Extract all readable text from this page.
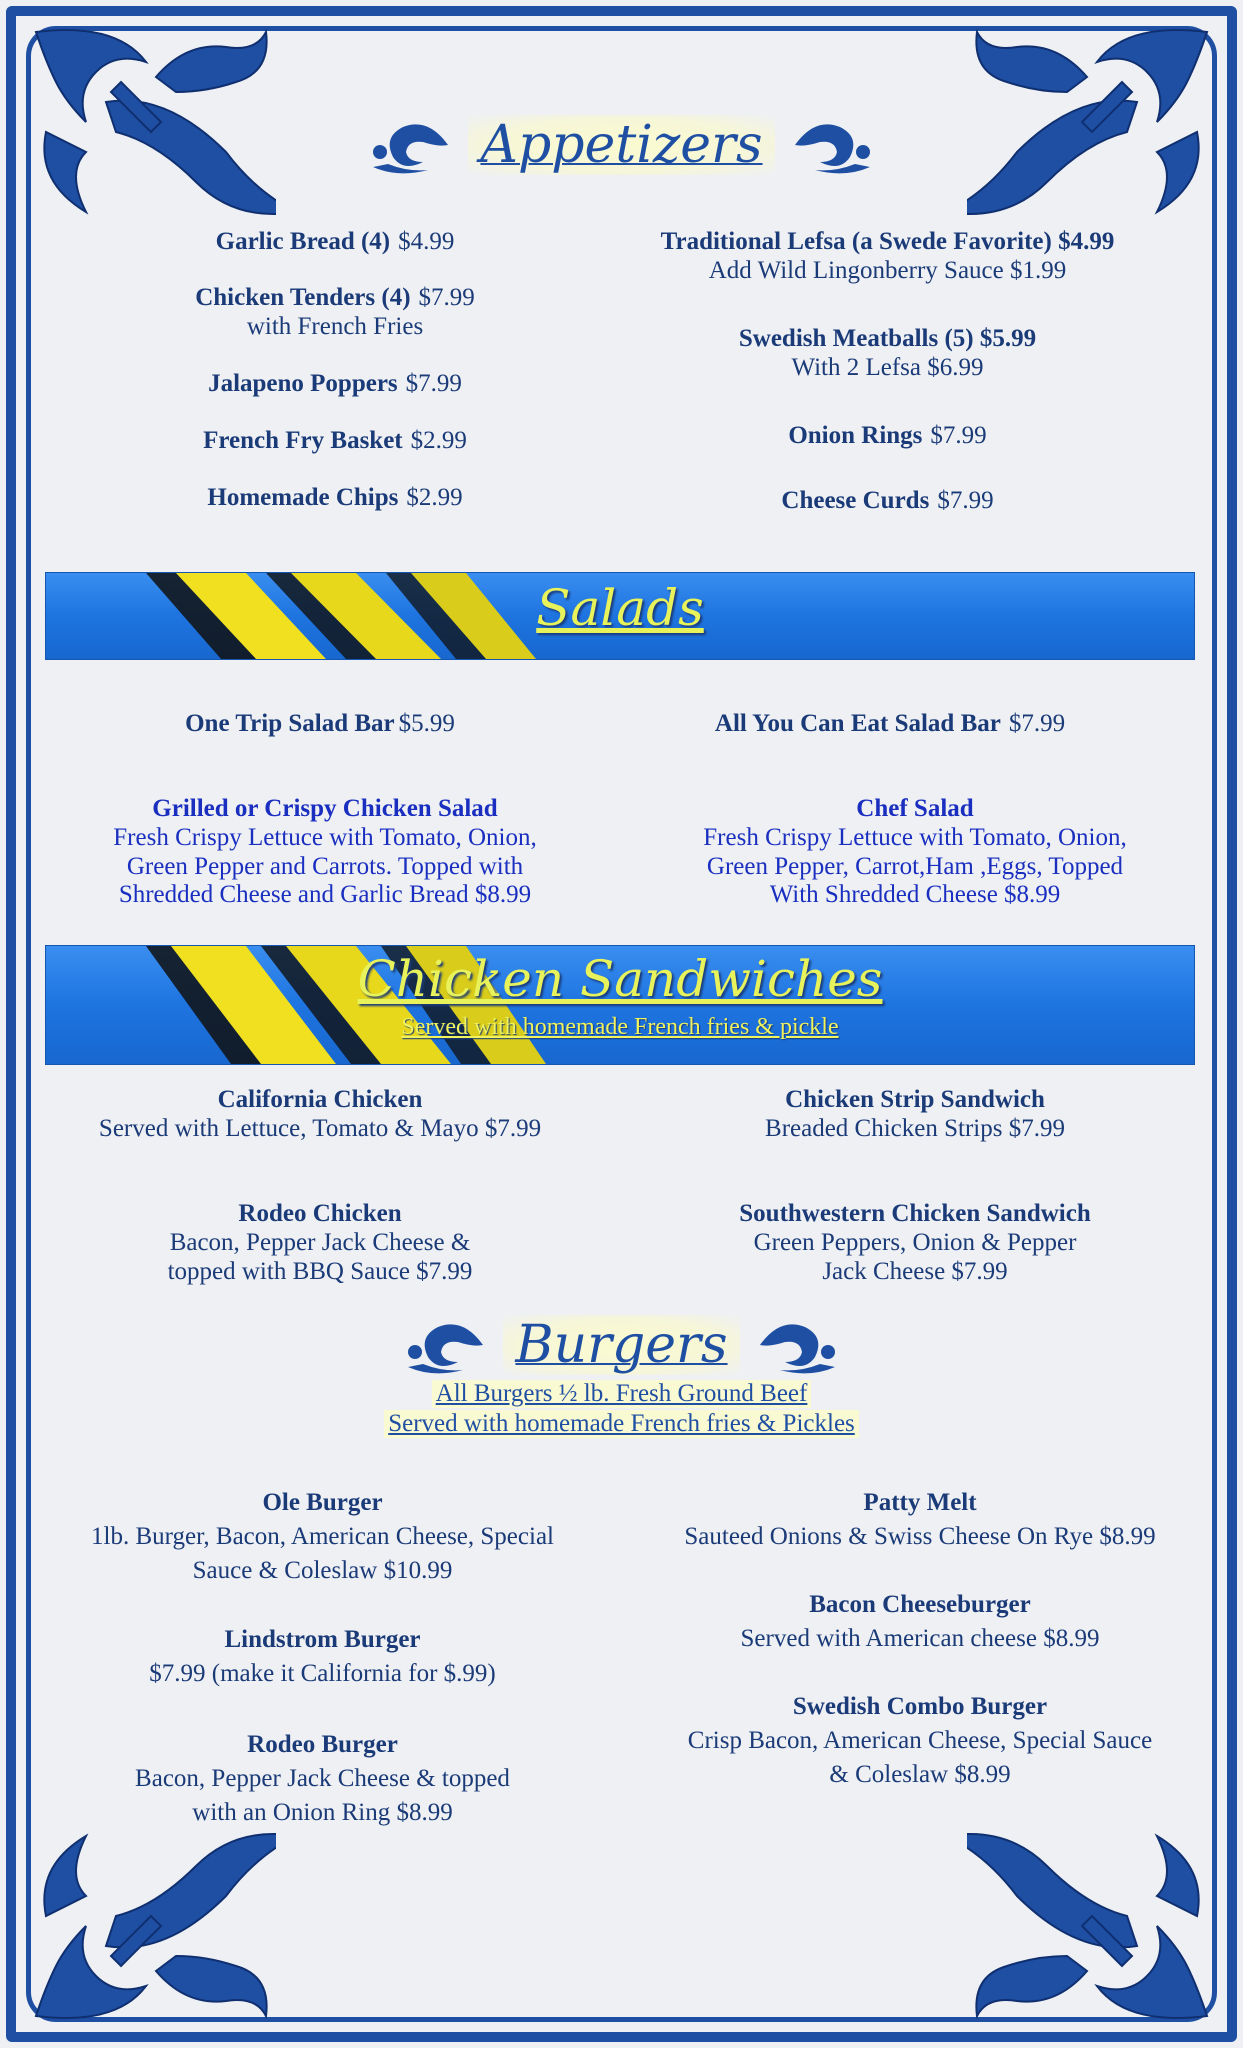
Appetizers
Garlic Bread (4) $4.99
Chicken Tenders (4) $7.99
with French Fries
Jalapeno Poppers $7.99
French Fry Basket $2.99
Homemade Chips $2.99
Traditional Lefsa (a Swede Favorite) $4.99
Add Wild Lingonberry Sauce $1.99
Swedish Meatballs (5) $5.99
With 2 Lefsa $6.99
Onion Rings $7.99
Cheese Curds $7.99
Salads
One Trip Salad Bar $5.99	All You Can Eat Salad Bar $7.99
Grilled or Crispy Chicken Salad
Fresh Crispy Lettuce with Tomato, Onion,
Green Pepper and Carrots. Topped with
Shredded Cheese and Garlic Bread $8.99
Chef Salad
Fresh Crispy Lettuce with Tomato, Onion,
Green Pepper, Carrot,Ham ,Eggs, Topped
With Shredded Cheese $8.99
Chicken Sandwiches
Served with homemade French fries & pickle
California Chicken
Served with Lettuce, Tomato & Mayo $7.99
Chicken Strip Sandwich
Breaded Chicken Strips $7.99
Rodeo Chicken
Bacon, Pepper Jack Cheese &
topped with BBQ Sauce $7.99
Southwestern Chicken Sandwich
Green Peppers, Onion & Pepper
Jack Cheese $7.99
Burgers
All Burgers ½ lb. Fresh Ground Beef
Served with homemade French fries & Pickles
Ole Burger
1lb. Burger, Bacon, American Cheese, Special
Sauce & Coleslaw $10.99
Patty Melt
Sauteed Onions & Swiss Cheese On Rye $8.99
Lindstrom Burger
$7.99 (make it California for $.99)
Bacon Cheeseburger
Served with American cheese $8.99
Rodeo Burger
Bacon, Pepper Jack Cheese & topped
with an Onion Ring $8.99
Swedish Combo Burger
Crisp Bacon, American Cheese, Special Sauce
& Coleslaw $8.99
